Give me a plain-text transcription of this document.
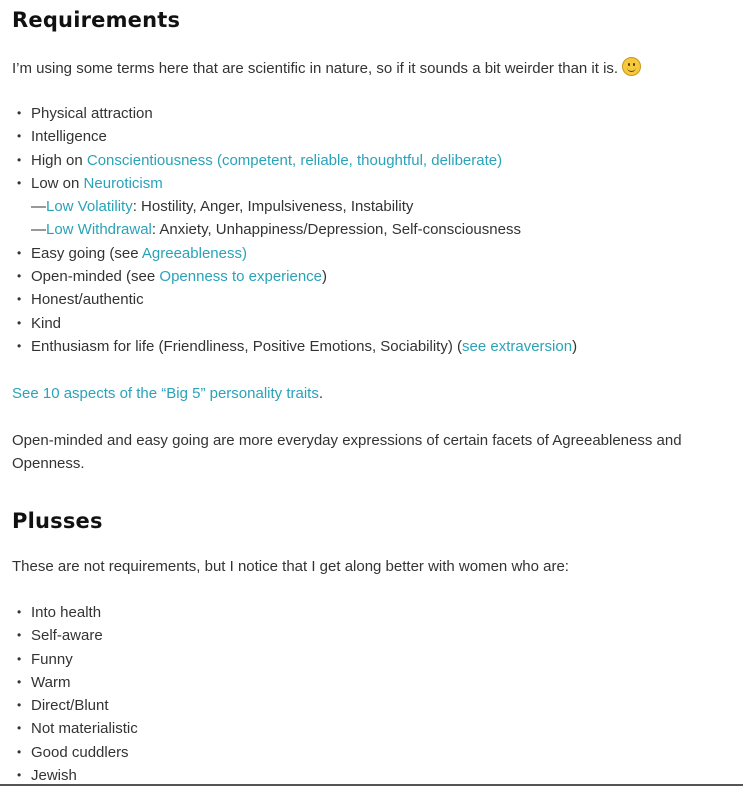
Requirements

I’m using some terms here that are scientific in nature, so if it sounds a bit weirder than it is.

• Physical attraction
• Intelligence
• High on Conscientiousness (competent, reliable, thoughtful, deliberate)
• Low on Neuroticism
—Low Volatility: Hostility, Anger, Impulsiveness, Instability
—Low Withdrawal: Anxiety, Unhappiness/Depression, Self-consciousness
• Easy going (see Agreeableness)
• Open-minded (see Openness to experience)
• Honest/authentic
• Kind
• Enthusiasm for life (Friendliness, Positive Emotions, Sociability) (see extraversion)

See 10 aspects of the “Big 5” personality traits.

Open-minded and easy going are more everyday expressions of certain facets of Agreeableness and Openness.

Plusses

These are not requirements, but I notice that I get along better with women who are:

• Into health
• Self-aware
• Funny
• Warm
• Direct/Blunt
• Not materialistic
• Good cuddlers
• Jewish
